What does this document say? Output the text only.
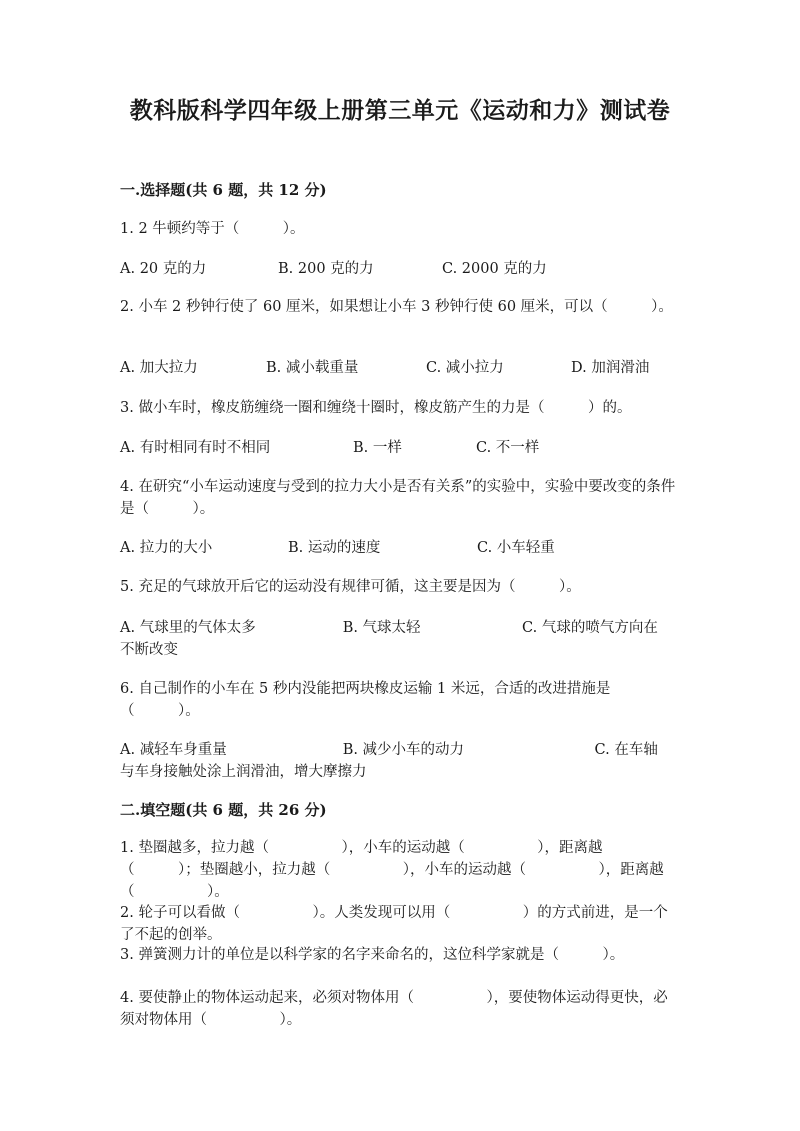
教科版科学四年级上册第三单元《运动和力》测试卷
一.选择题(共 6 题，共 12 分)
1. 2 牛顿约等于（　　　）。
A. 20 克的力	B. 200 克的力	C. 2000 克的力
2. 小车 2 秒钟行使了 60 厘米，如果想让小车 3 秒钟行使 60 厘米，可以（　　　）。
A. 加大拉力	B. 减小载重量	C. 减小拉力	D. 加润滑油
3. 做小车时，橡皮筋缠绕一圈和缠绕十圈时，橡皮筋产生的力是（　　　）的。
A. 有时相同有时不相同	B. 一样	C. 不一样
4. 在研究“小车运动速度与受到的拉力大小是否有关系”的实验中，实验中要改变的条件是（　　　）。
A. 拉力的大小	B. 运动的速度	C. 小车轻重
5. 充足的气球放开后它的运动没有规律可循，这主要是因为（　　　）。
A. 气球里的气体太多　　　　　　B. 气球太轻　　　　　　　C. 气球的喷气方向在不断改变
6. 自己制作的小车在 5 秒内没能把两块橡皮运输 1 米远，合适的改进措施是（　　　）。
A. 减轻车身重量　　　　　　　　B. 减少小车的动力　　　　　　　　　C. 在车轴与车身接触处涂上润滑油，增大摩擦力
二.填空题(共 6 题，共 26 分)
1. 垫圈越多，拉力越（　　　　　），小车的运动越（　　　　　），距离越（　　　）；垫圈越小，拉力越（　　　　　），小车的运动越（　　　　　），距离越（　　　　　）。
2. 轮子可以看做（　　　　　）。人类发现可以用（　　　　　）的方式前进，是一个了不起的创举。
3. 弹簧测力计的单位是以科学家的名字来命名的，这位科学家就是（　　　）。
4. 要使静止的物体运动起来，必须对物体用（　　　　　），要使物体运动得更快，必须对物体用（　　　　　）。
